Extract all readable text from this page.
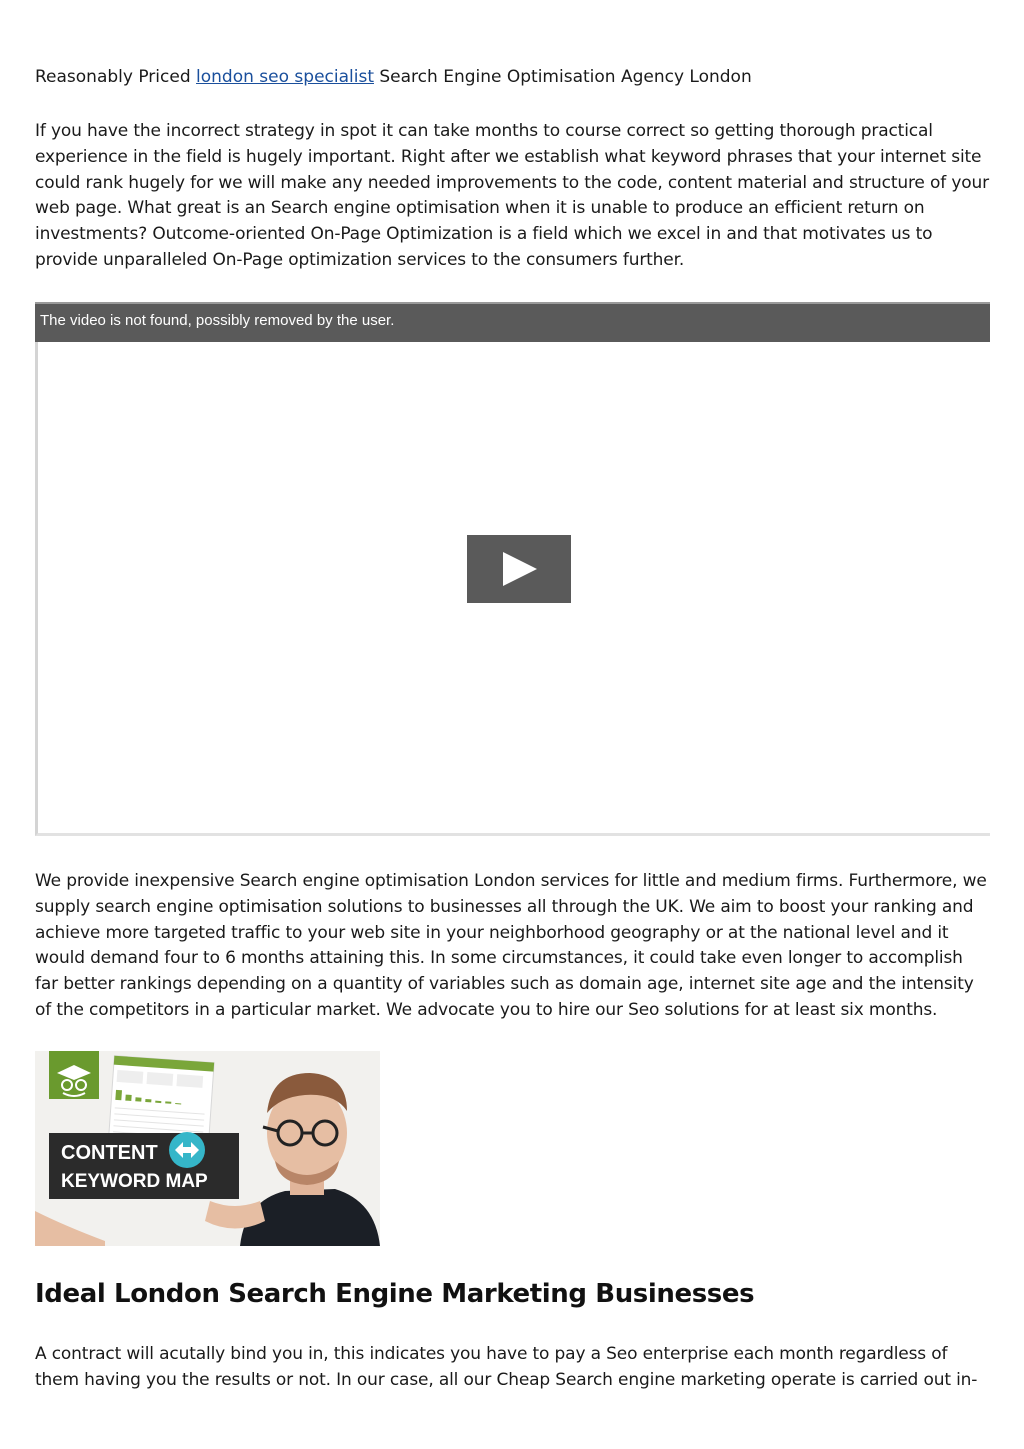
Reasonably Priced london seo specialist Search Engine Optimisation Agency London

If you have the incorrect strategy in spot it can take months to course correct so getting thorough practical experience in the field is hugely important. Right after we establish what keyword phrases that your internet site could rank hugely for we will make any needed improvements to the code, content material and structure of your web page. What great is an Search engine optimisation when it is unable to produce an efficient return on investments? Outcome-oriented On-Page Optimization is a field which we excel in and that motivates us to provide unparalleled On-Page optimization services to the consumers further.

The video is not found, possibly removed by the user.

We provide inexpensive Search engine optimisation London services for little and medium firms. Furthermore, we supply search engine optimisation solutions to businesses all through the UK. We aim to boost your ranking and achieve more targeted traffic to your web site in your neighborhood geography or at the national level and it would demand four to 6 months attaining this. In some circumstances, it could take even longer to accomplish far better rankings depending on a quantity of variables such as domain age, internet site age and the intensity of the competitors in a particular market. We advocate you to hire our Seo solutions for at least six months.

CONTENT
KEYWORD MAP
Ideal London Search Engine Marketing Businesses

A contract will acutally bind you in, this indicates you have to pay a Seo enterprise each month regardless of them having you the results or not. In our case, all our Cheap Search engine marketing operate is carried out in-
